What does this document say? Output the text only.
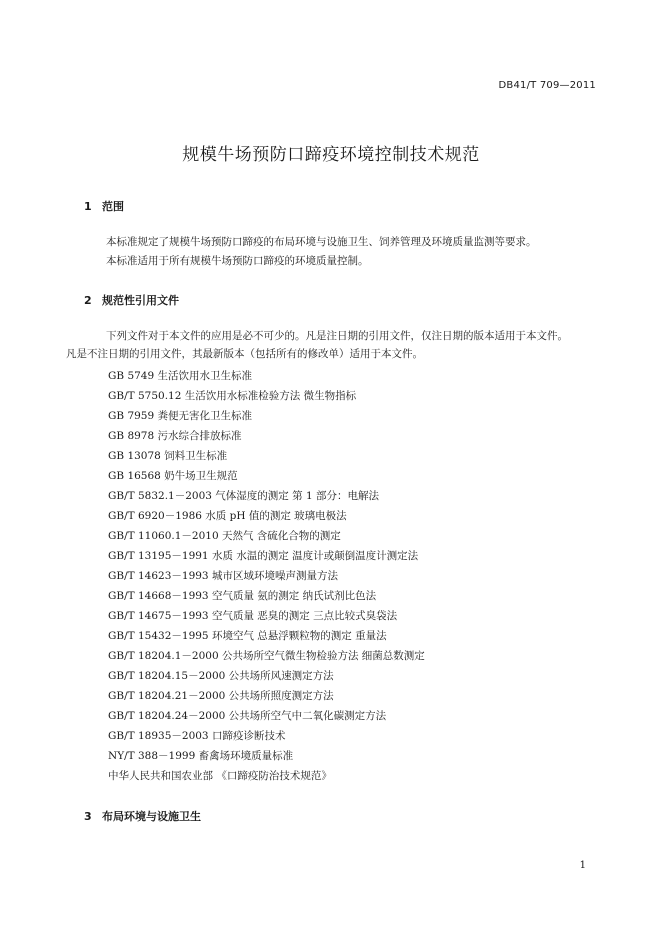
DB41/T 709—2011
规模牛场预防口蹄疫环境控制技术规范
1 范围
本标准规定了规模牛场预防口蹄疫的布局环境与设施卫生、饲养管理及环境质量监测等要求。
本标准适用于所有规模牛场预防口蹄疫的环境质量控制。
2 规范性引用文件
下列文件对于本文件的应用是必不可少的。凡是注日期的引用文件，仅注日期的版本适用于本文件。
凡是不注日期的引用文件，其最新版本（包括所有的修改单）适用于本文件。
GB 5749 生活饮用水卫生标准
GB/T 5750.12 生活饮用水标准检验方法 微生物指标
GB 7959 粪便无害化卫生标准
GB 8978 污水综合排放标准
GB 13078 饲料卫生标准
GB 16568 奶牛场卫生规范
GB/T 5832.1－2003 气体湿度的测定 第 1 部分：电解法
GB/T 6920－1986 水质 pH 值的测定 玻璃电极法
GB/T 11060.1－2010 天然气 含硫化合物的测定
GB/T 13195－1991 水质 水温的测定 温度计或颠倒温度计测定法
GB/T 14623－1993 城市区域环境噪声测量方法
GB/T 14668－1993 空气质量 氨的测定 纳氏试剂比色法
GB/T 14675－1993 空气质量 恶臭的测定 三点比较式臭袋法
GB/T 15432－1995 环境空气 总悬浮颗粒物的测定 重量法
GB/T 18204.1－2000 公共场所空气微生物检验方法 细菌总数测定
GB/T 18204.15－2000 公共场所风速测定方法
GB/T 18204.21－2000 公共场所照度测定方法
GB/T 18204.24－2000 公共场所空气中二氧化碳测定方法
GB/T 18935－2003 口蹄疫诊断技术
NY/T 388－1999 畜禽场环境质量标准
中华人民共和国农业部 《口蹄疫防治技术规范》
3 布局环境与设施卫生
1
